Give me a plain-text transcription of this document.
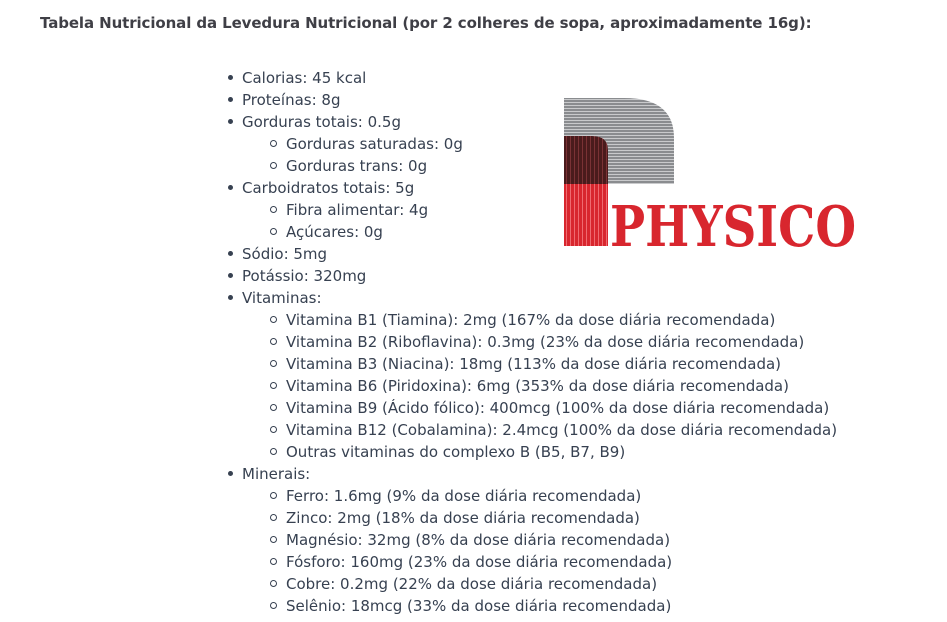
Tabela Nutricional da Levedura Nutricional (por 2 colheres de sopa, aproximadamente 16g):
Calorias: 45 kcal
Proteínas: 8g
Gorduras totais: 0.5g
Gorduras saturadas: 0g
Gorduras trans: 0g
Carboidratos totais: 5g
Fibra alimentar: 4g
Açúcares: 0g
Sódio: 5mg
Potássio: 320mg
Vitaminas:
Vitamina B1 (Tiamina): 2mg (167% da dose diária recomendada)
Vitamina B2 (Riboflavina): 0.3mg (23% da dose diária recomendada)
Vitamina B3 (Niacina): 18mg (113% da dose diária recomendada)
Vitamina B6 (Piridoxina): 6mg (353% da dose diária recomendada)
Vitamina B9 (Ácido fólico): 400mcg (100% da dose diária recomendada)
Vitamina B12 (Cobalamina): 2.4mcg (100% da dose diária recomendada)
Outras vitaminas do complexo B (B5, B7, B9)
Minerais:
Ferro: 1.6mg (9% da dose diária recomendada)
Zinco: 2mg (18% da dose diária recomendada)
Magnésio: 32mg (8% da dose diária recomendada)
Fósforo: 160mg (23% da dose diária recomendada)
Cobre: 0.2mg (22% da dose diária recomendada)
Selênio: 18mcg (33% da dose diária recomendada)
PHYSICO
